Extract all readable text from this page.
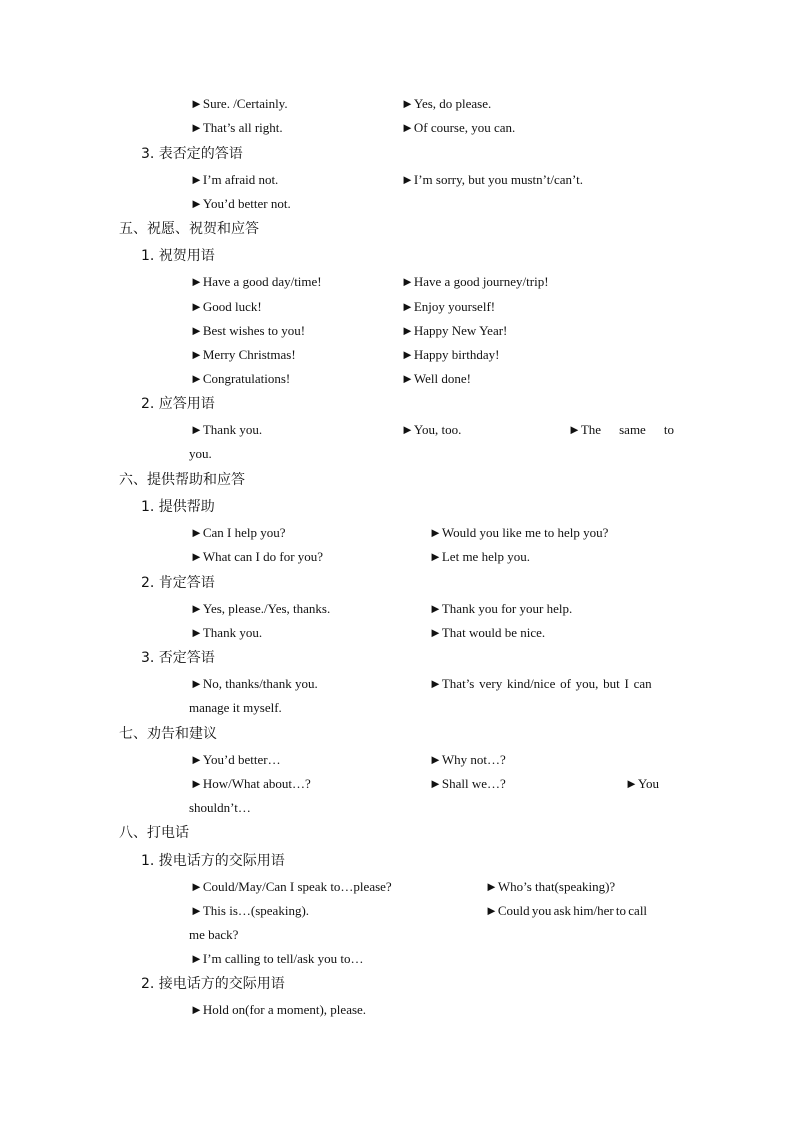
►Sure. /Certainly.	►Yes, do please.
►That’s all right.	►Of course, you can.
3. 表否定的答语
►I’m afraid not.	►I’m sorry, but you mustn’t/can’t.
►You’d better not.
五、祝愿、祝贺和应答
1. 祝贺用语
►Have a good day/time!	►Have a good journey/trip!
►Good luck!	►Enjoy yourself!
►Best wishes to you!	►Happy New Year!
►Merry Christmas!	►Happy birthday!
►Congratulations!	►Well done!
2. 应答用语
►Thank you.	►You, too.	►The same to
you.
六、提供帮助和应答
1. 提供帮助
►Can I help you?	►Would you like me to help you?
►What can I do for you?	►Let me help you.
2. 肯定答语
►Yes, please./Yes, thanks.	►Thank you for your help.
►Thank you.	►That would be nice.
3. 否定答语
►No, thanks/thank you.	►That’s very kind/nice of you, but I can
manage it myself.
七、劝告和建议
►You’d better…	►Why not…?
►How/What about…?	►Shall we…?	►You
shouldn’t…
八、打电话
1. 拨电话方的交际用语
►Could/May/Can I speak to…please?	►Who’s that(speaking)?
►This is…(speaking).	►Could you ask him/her to call
me back?
►I’m calling to tell/ask you to…
2. 接电话方的交际用语
►Hold on(for a moment), please.
